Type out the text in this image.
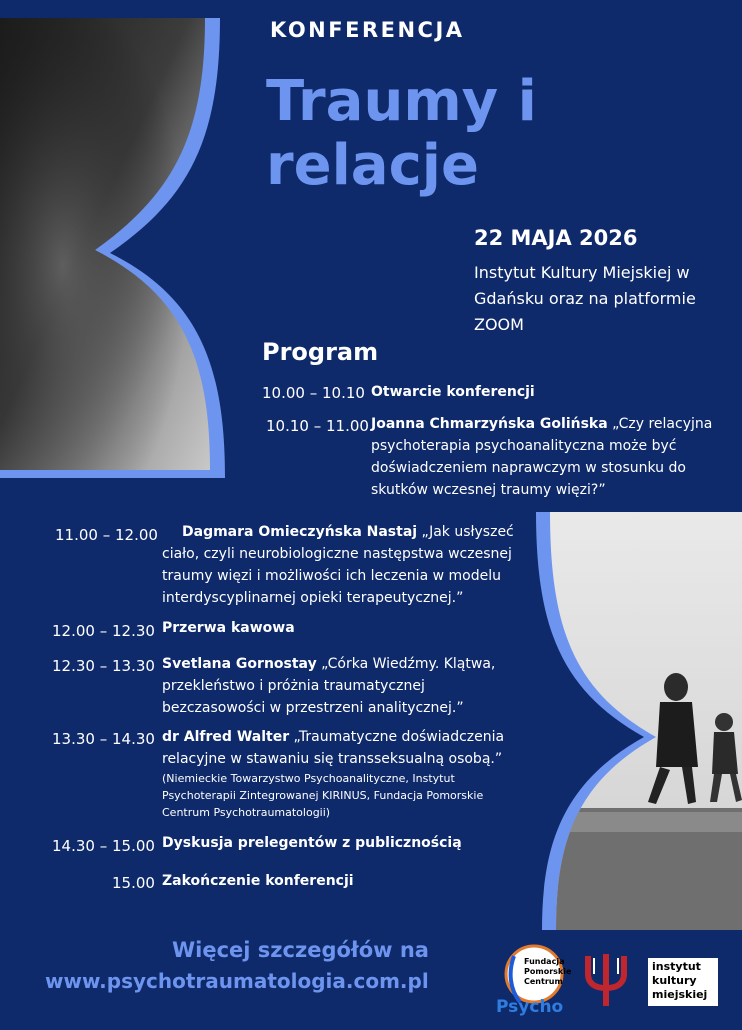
KONFERENCJA
Traumy i
relacje
22 MAJA 2026
Instytut Kultury Miejskiej w Gdańsku oraz na platformie ZOOM
Program
10.00 – 10.10 Otwarcie konferencji
10.10 – 11.00 Joanna Chmarzyńska Golińska „Czy relacyjna psychoterapia psychoanalityczna może być doświadczeniem naprawczym w stosunku do skutków wczesnej traumy więzi?”
11.00 – 12.00	Dagmara Omieczyńska Nastaj „Jak usłyszeć ciało, czyli neurobiologiczne następstwa wczesnej traumy więzi i możliwości ich leczenia w modelu interdyscyplinarnej opieki terapeutycznej.”
12.00 – 12.30 Przerwa kawowa
12.30 – 13.30 Svetlana Gornostay „Córka Wiedźmy. Klątwa, przekleństwo i próżnia traumatycznej bezczasowości w przestrzeni analitycznej.”
13.30 – 14.30 dr Alfred Walter „Traumatyczne doświadczenia relacyjne w stawaniu się transseksualną osobą.”
(Niemieckie Towarzystwo Psychoanalityczne, Instytut Psychoterapii Zintegrowanej KIRINUS, Fundacja Pomorskie Centrum Psychotraumatologii)
14.30 – 15.00 Dyskusja prelegentów z publicznością
15.00 Zakończenie konferencji
Więcej szczegółów na
www.psychotraumatologia.com.pl
Fundacja
Pomorskie
Centrum
Psycho
instytut
kultury
miejskiej
